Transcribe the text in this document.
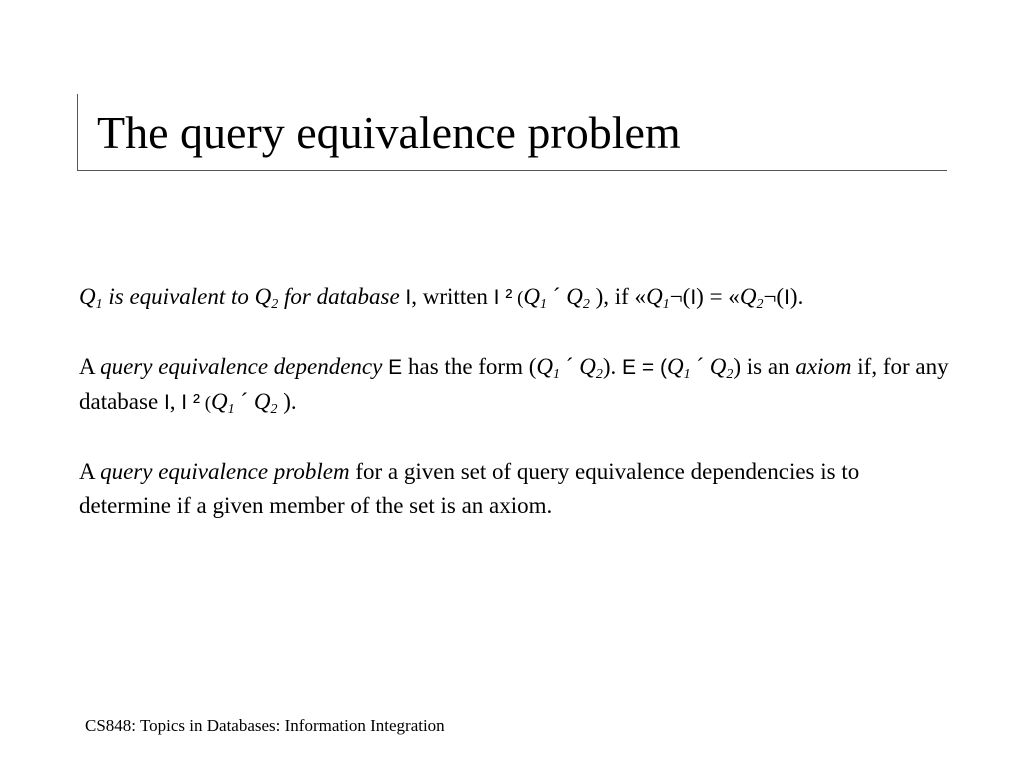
The query equivalence problem

$Q_1$ is equivalent to $Q_2$ for database I, written I ² ($Q_1$ ´ $Q_2$ ), if «$Q_1\neg(I)$ = «$Q_2\neg(I)$.

A query equivalence dependency E has the form ($Q_1$ ´ $Q_2$). $E = (Q_1$ ´ $Q_2$) is an axiom if, for any database I, I ² ($Q_1$ ´ $Q_2$ ).

A query equivalence problem for a given set of query equivalence dependencies is to determine if a given member of the set is an axiom.

CS848: Topics in Databases: Information Integration
